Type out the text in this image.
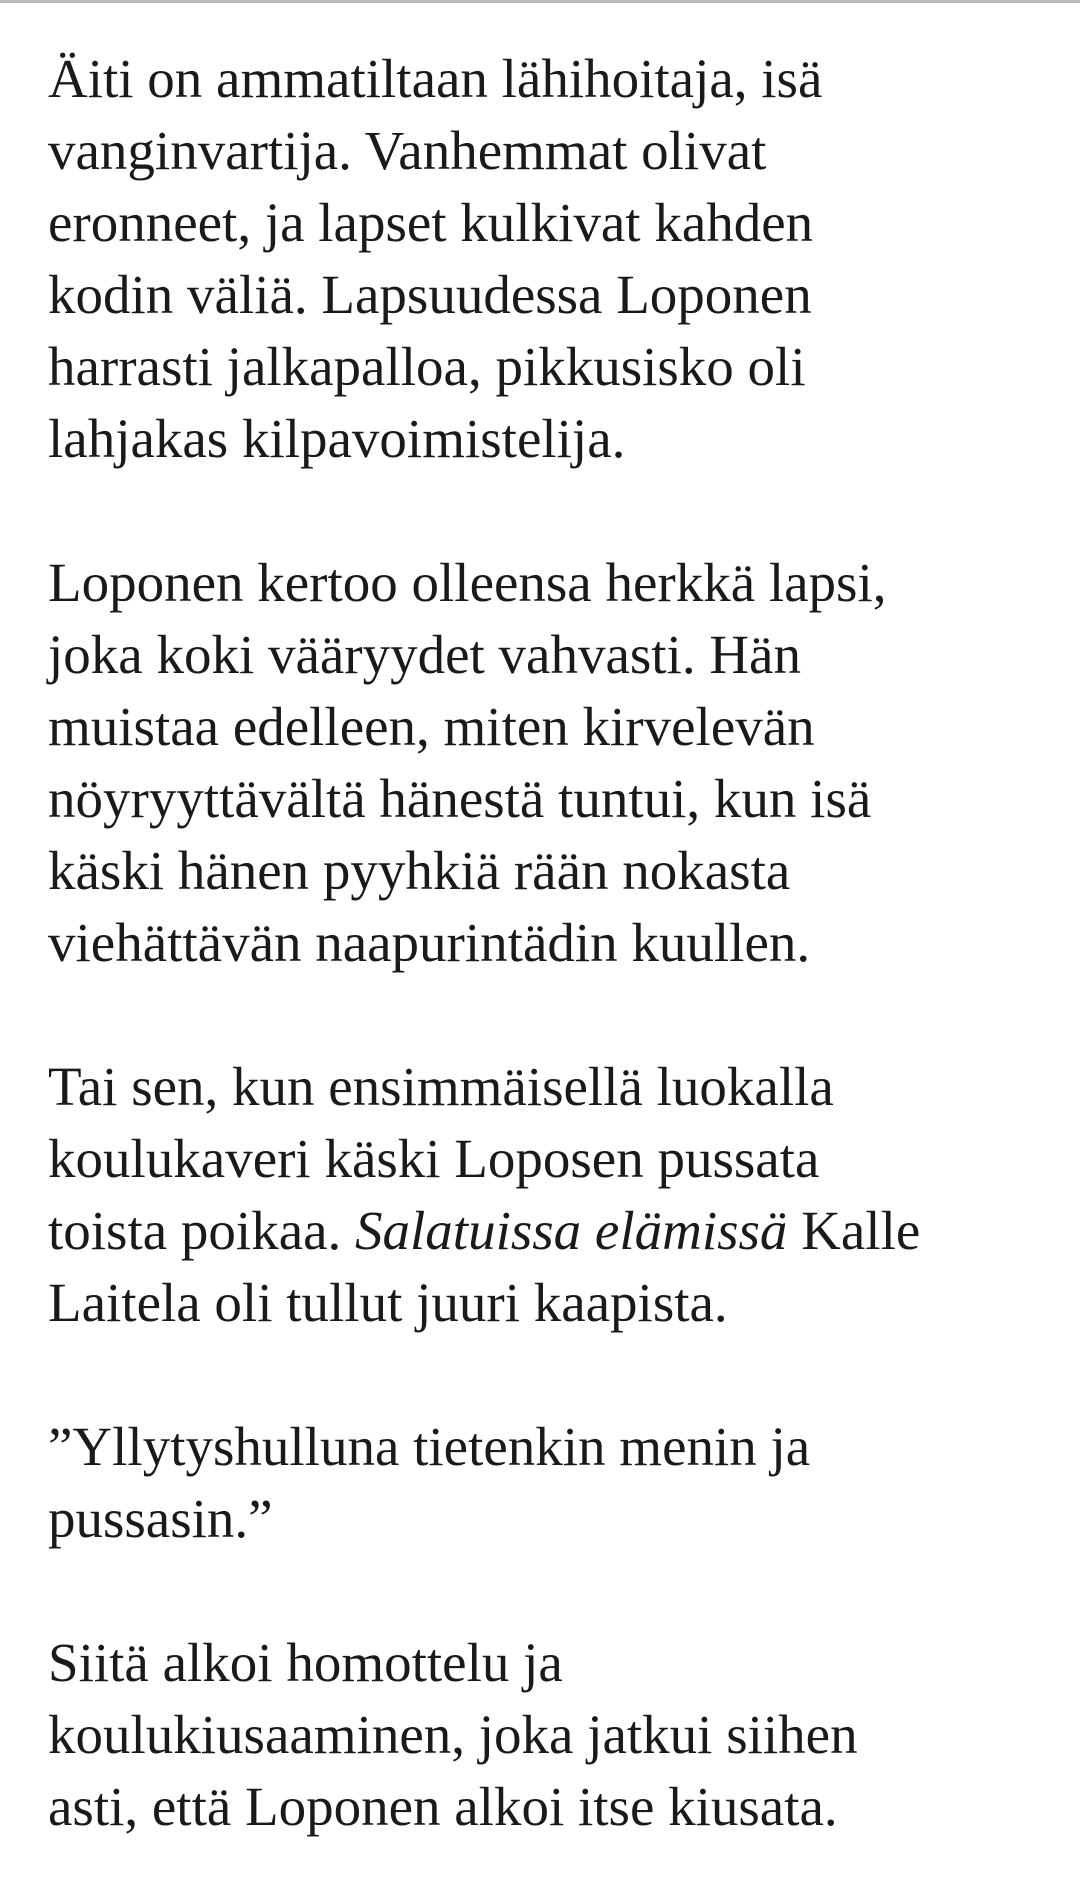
Äiti on ammatiltaan lähihoitaja, isä
vanginvartija. Vanhemmat olivat
eronneet, ja lapset kulkivat kahden
kodin väliä. Lapsuudessa Loponen
harrasti jalkapalloa, pikkusisko oli
lahjakas kilpavoimistelija.

Loponen kertoo olleensa herkkä lapsi,
joka koki vääryydet vahvasti. Hän
muistaa edelleen, miten kirvelevän
nöyryyttävältä hänestä tuntui, kun isä
käski hänen pyyhkiä rään nokasta
viehättävän naapurintädin kuullen.

Tai sen, kun ensimmäisellä luokalla
koulukaveri käski Loposen pussata
toista poikaa. Salatuissa elämissä Kalle
Laitela oli tullut juuri kaapista.

”Yllytyshulluna tietenkin menin ja
pussasin.”

Siitä alkoi homottelu ja
koulukiusaaminen, joka jatkui siihen
asti, että Loponen alkoi itse kiusata.
